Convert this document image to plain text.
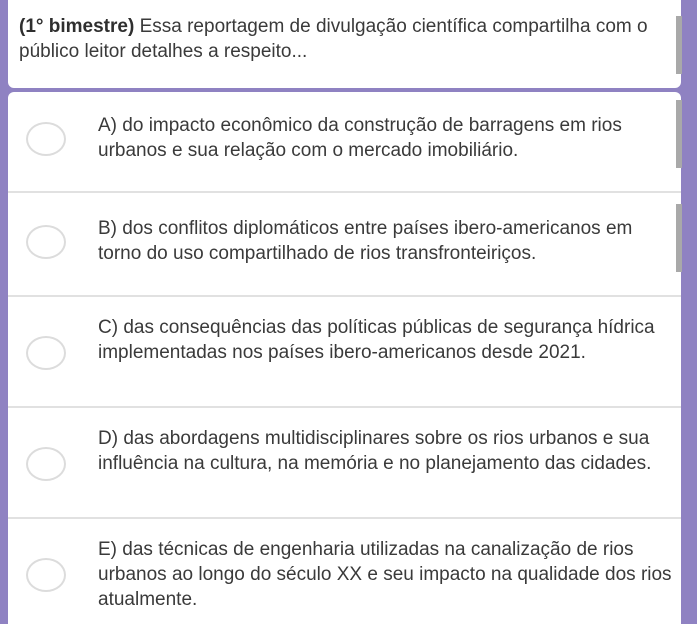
(1° bimestre) Essa reportagem de divulgação científica compartilha com o público leitor detalhes a respeito...
A) do impacto econômico da construção de barragens em rios urbanos e sua relação com o mercado imobiliário.
B) dos conflitos diplomáticos entre países ibero-americanos em torno do uso compartilhado de rios transfronteiriços.
C) das consequências das políticas públicas de segurança hídrica implementadas nos países ibero-americanos desde 2021.
D) das abordagens multidisciplinares sobre os rios urbanos e sua influência na cultura, na memória e no planejamento das cidades.
E) das técnicas de engenharia utilizadas na canalização de rios urbanos ao longo do século XX e seu impacto na qualidade dos rios atualmente.
